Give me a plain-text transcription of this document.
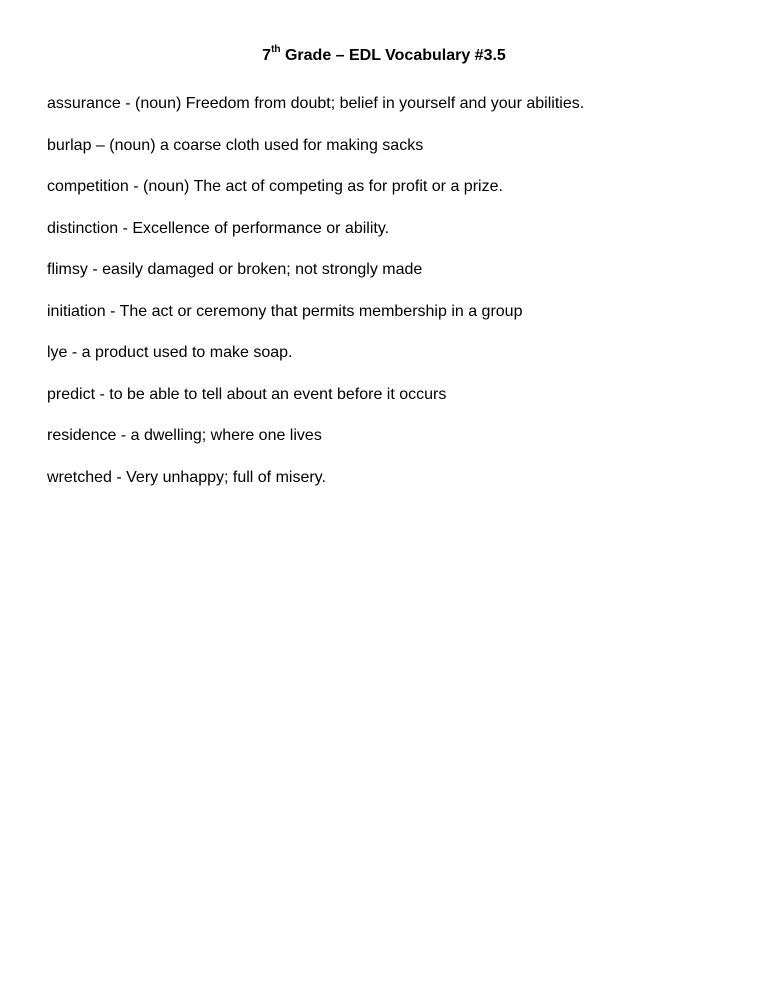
7th Grade – EDL Vocabulary #3.5
assurance - (noun) Freedom from doubt; belief in yourself and your abilities.
burlap – (noun) a coarse cloth used for making sacks
competition - (noun) The act of competing as for profit or a prize.
distinction - Excellence of performance or ability.
flimsy - easily damaged or broken; not strongly made
initiation - The act or ceremony that permits membership in a group
lye - a product used to make soap.
predict - to be able to tell about an event before it occurs
residence - a dwelling; where one lives
wretched - Very unhappy; full of misery.
